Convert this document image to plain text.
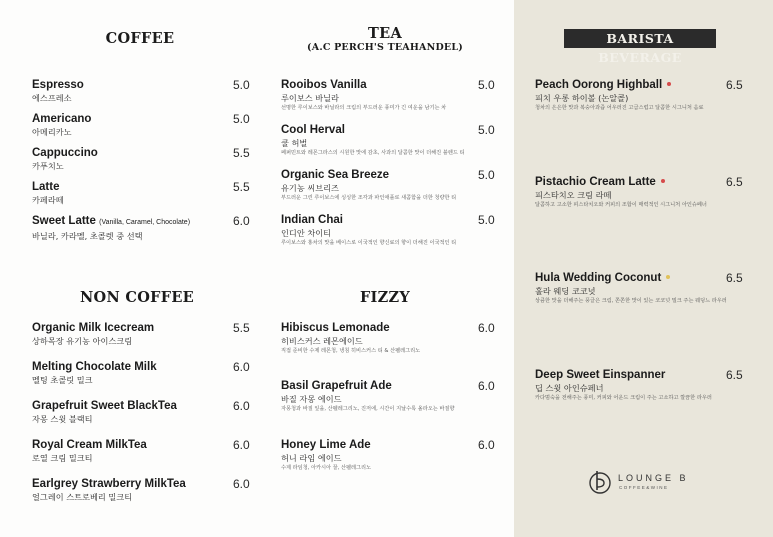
COFFEE
Espresso
에스프레소
5.0
Americano
아메리카노
5.0
Cappuccino
카푸치노
5.5
Latte
카페라떼
5.5
Sweet Latte (Vanilla, Caramel, Chocolate)
바닐라, 카라멜, 초콜렛 중 선택
6.0
TEA
(A.C PERCH'S TEAHANDEL)
Rooibos Vanilla
루이보스 바닐라
선명한 루이보스와 바닐라의 크림의 부드러운 풍미가 긴 여운을 남기는 차
5.0
Cool Herval
쿨 허벌
페퍼민트와 레몬그라스의 시원한 맛에 감초, 사과의 달콤한 맛이 더해진 블렌드 티
5.0
Organic Sea Breeze
유기농 씨브리즈
부드러운 그린 루이보스에 싱싱한 조각과 파인애플로 새콤함을 더한 청량한 티
5.0
Indian Chai
인디안 차이티
루이보스와 홍차의 맛을 베이스로 이국적인 향신료의 향이 더해진 이국적인 티
5.0
NON COFFEE
Organic Milk Icecream
상하목장 유기농 아이스크림
5.5
Melting Chocolate Milk
멜팅 초콜릿 밀크
6.0
Grapefruit Sweet BlackTea
자몽 스윗 블랙티
6.0
Royal Cream MilkTea
로열 크림 밀크티
6.0
Earlgrey Strawberry MilkTea
얼그레이 스트로베리 밀크티
6.0
FIZZY
Hibiscus Lemonade
히비스커스 레몬에이드
직접 준비한 수제 레몬청, 냉침 히비스커스 티 & 산펠레그리노
6.0
Basil Grapefruit Ade
바질 자몽 에이드
자몽청과 바질 잎을, 산펠레그리노, 진저에, 시간이 지날수록 올라오는 바질향
6.0
Honey Lime Ade
허니 라임 에이드
수제 라임청, 아카시아 꿀, 산펠레그리노
6.0
BARISTA BEVERAGE
Peach Oorong Highball
피치 우롱 하이볼 (논알콜)
청차의 은은한 맛과 복숭아과즙 어우러진 고급스럽고 달콤한 시그니처 음료
6.5
Pistachio Cream Latte
피스타치오 크림 라떼
달콤하고 고소한 피스타치오와 커피의 조합이 매력적인 시그니처 아인슈페너
6.5
Hula Wedding Coconut
훌라 웨딩 코코넛
상큼한 맛을 더해주는 풍글은 크림, 쫀쫀한 맛이 있는 코코넛 밀크 주는 웨딩느 라우러
6.5
Deep Sweet Einspanner
딥 스윗 아인슈페너
카다멈숙을 전해주는 풍미, 커피와 어운드 크림이 주는 고소하고 깔끔한 라우러
6.5
LOUNGE B
COFFEE&WINE
